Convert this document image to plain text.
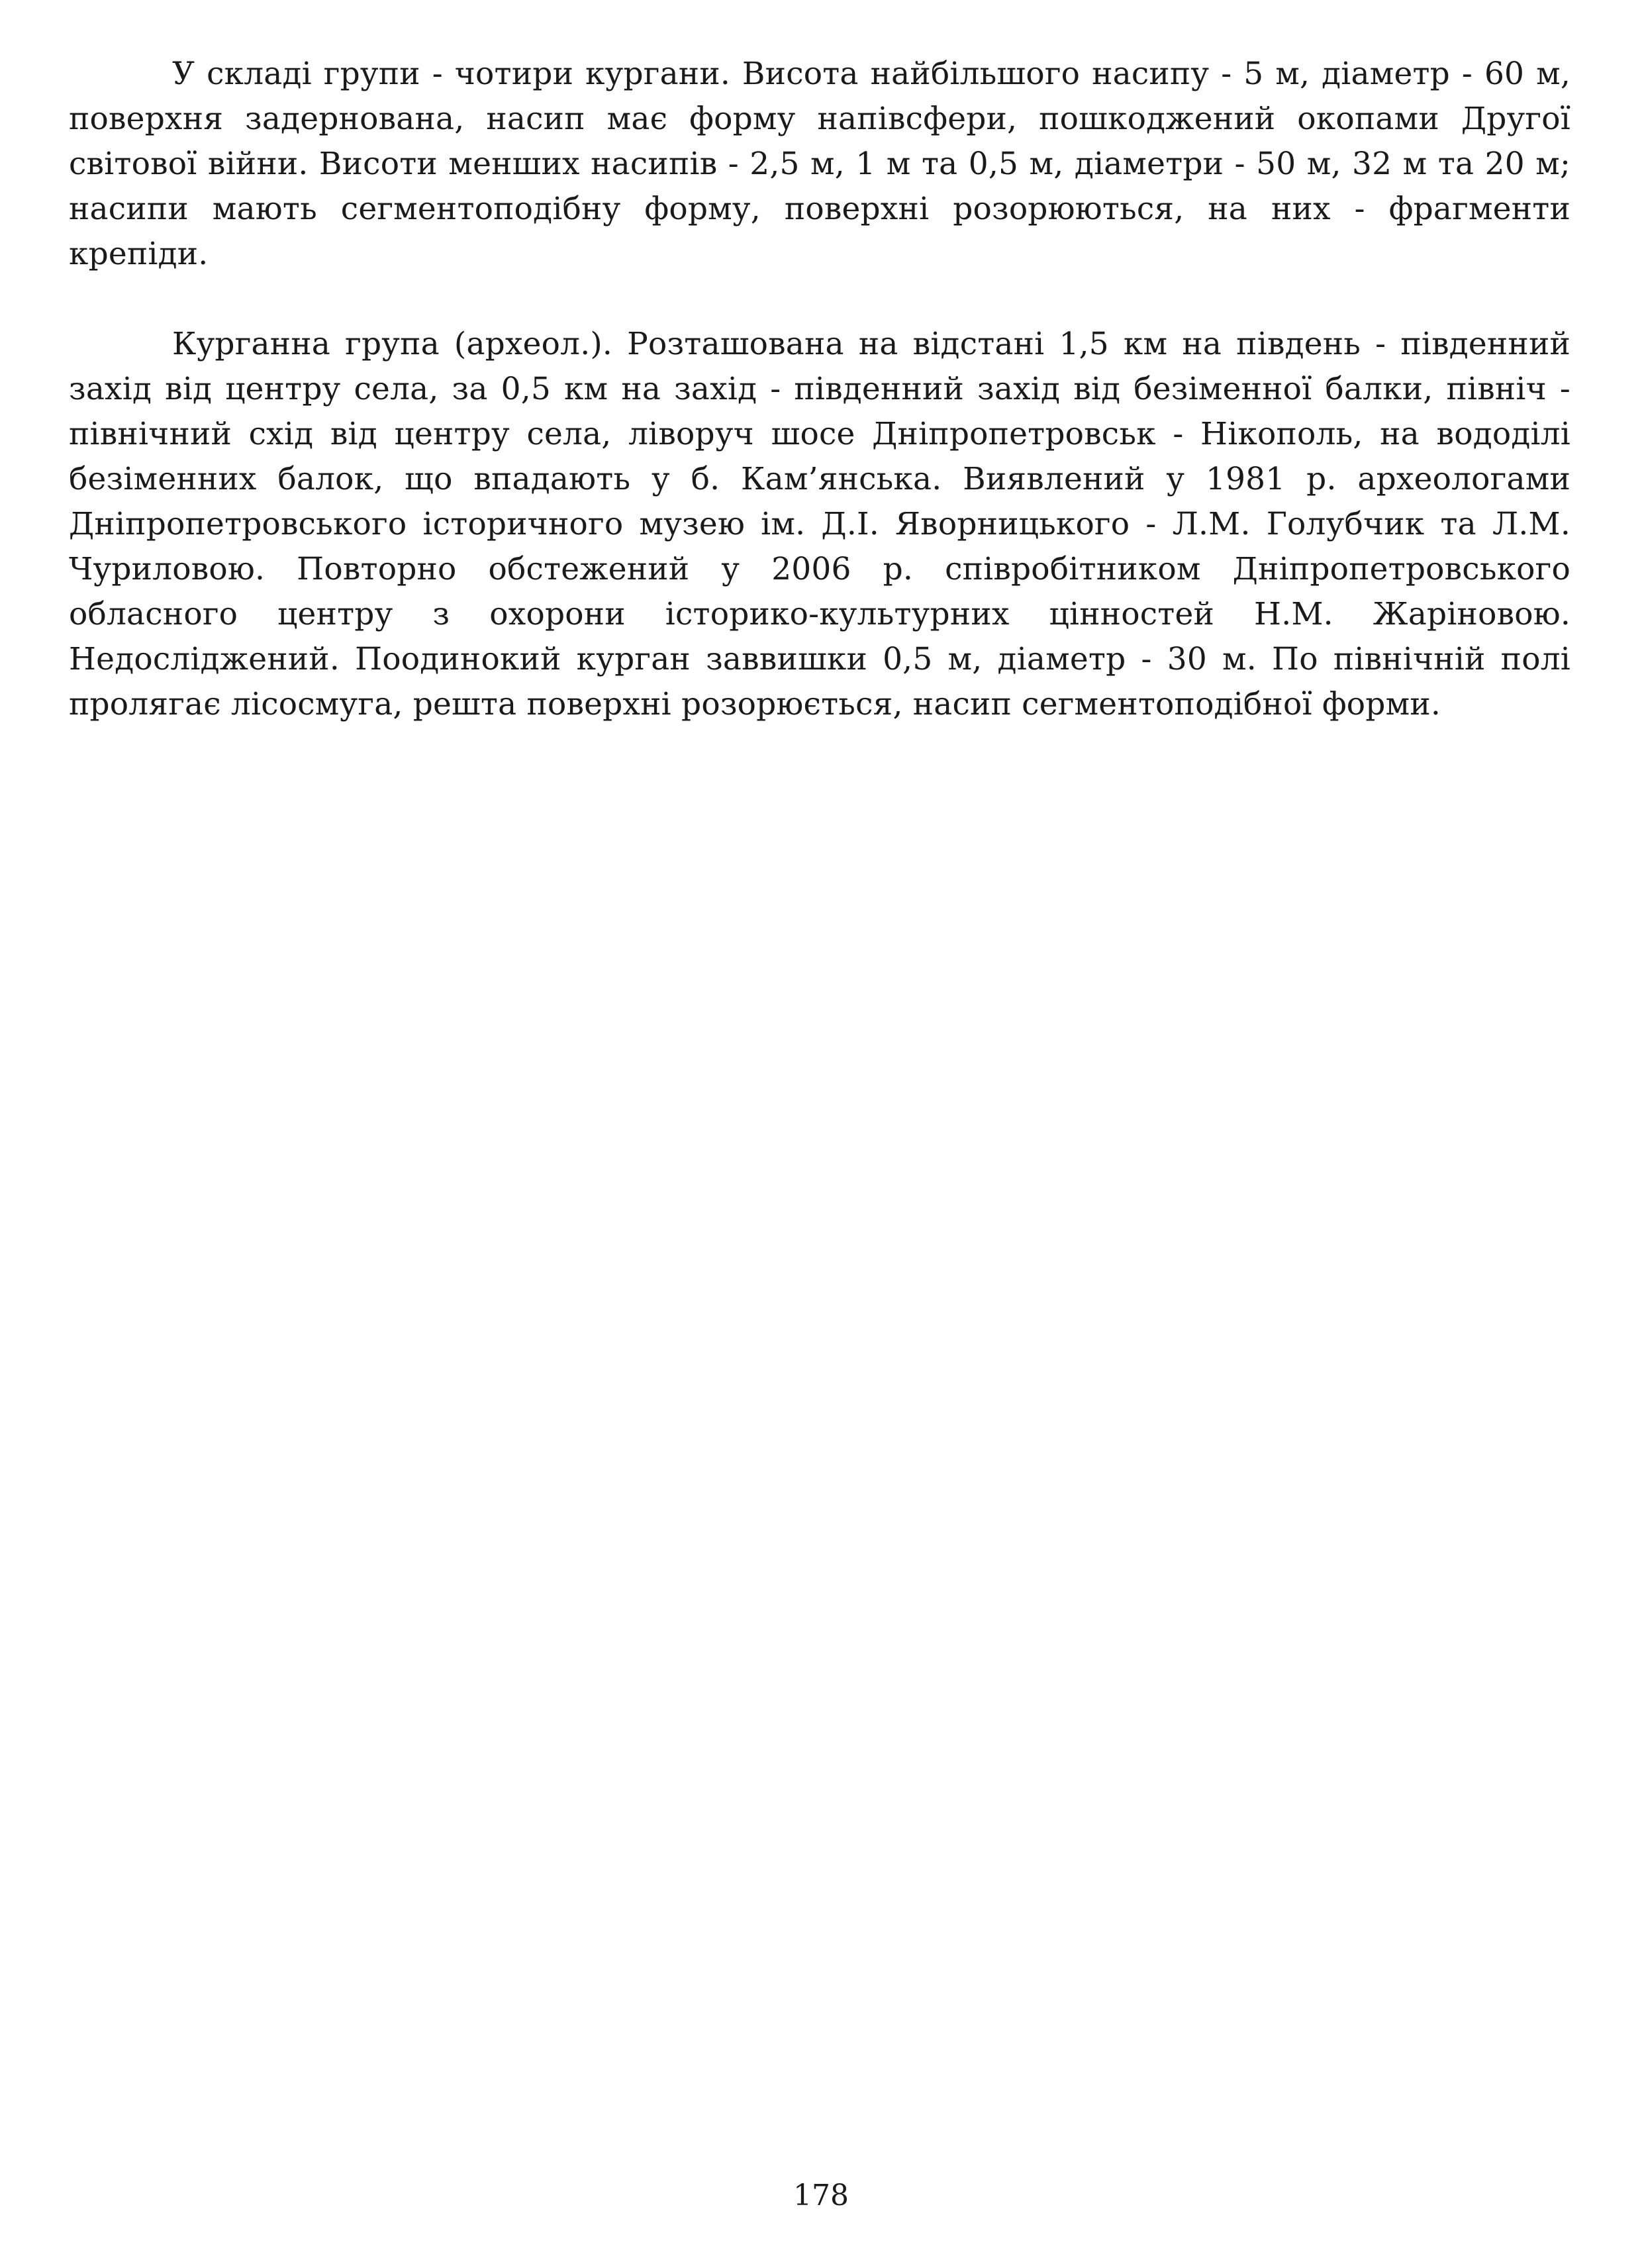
У складі групи - чотири кургани. Висота найбільшого насипу - 5 м, діаметр - 60 м, поверхня задернована, насип має форму напівсфери, пошкоджений окопами Другої світової війни. Висоти менших насипів - 2,5 м, 1 м та 0,5 м, діаметри - 50 м, 32 м та 20 м; насипи мають сегментоподібну форму, поверхні розорюються, на них - фрагменти крепіди.

Курганна група (археол.). Розташована на відстані 1,5 км на південь - південний захід від центру села, за 0,5 км на захід - південний захід від безіменної балки, північ - північний схід від центру села, ліворуч шосе Дніпропетровськ - Нікополь, на вододілі безіменних балок, що впадають у б. Кам’янська. Виявлений у 1981 р. археологами Дніпропетровського історичного музею ім. Д.І. Яворницького - Л.М. Голубчик та Л.М. Чуриловою. Повторно обстежений у 2006 р. співробітником Дніпропетровського обласного центру з охорони історико-культурних цінностей Н.М. Жаріновою. Недосліджений. Поодинокий курган заввишки 0,5 м, діаметр - 30 м. По північній полі пролягає лісосмуга, решта поверхні розорюється, насип сегментоподібної форми.

178
